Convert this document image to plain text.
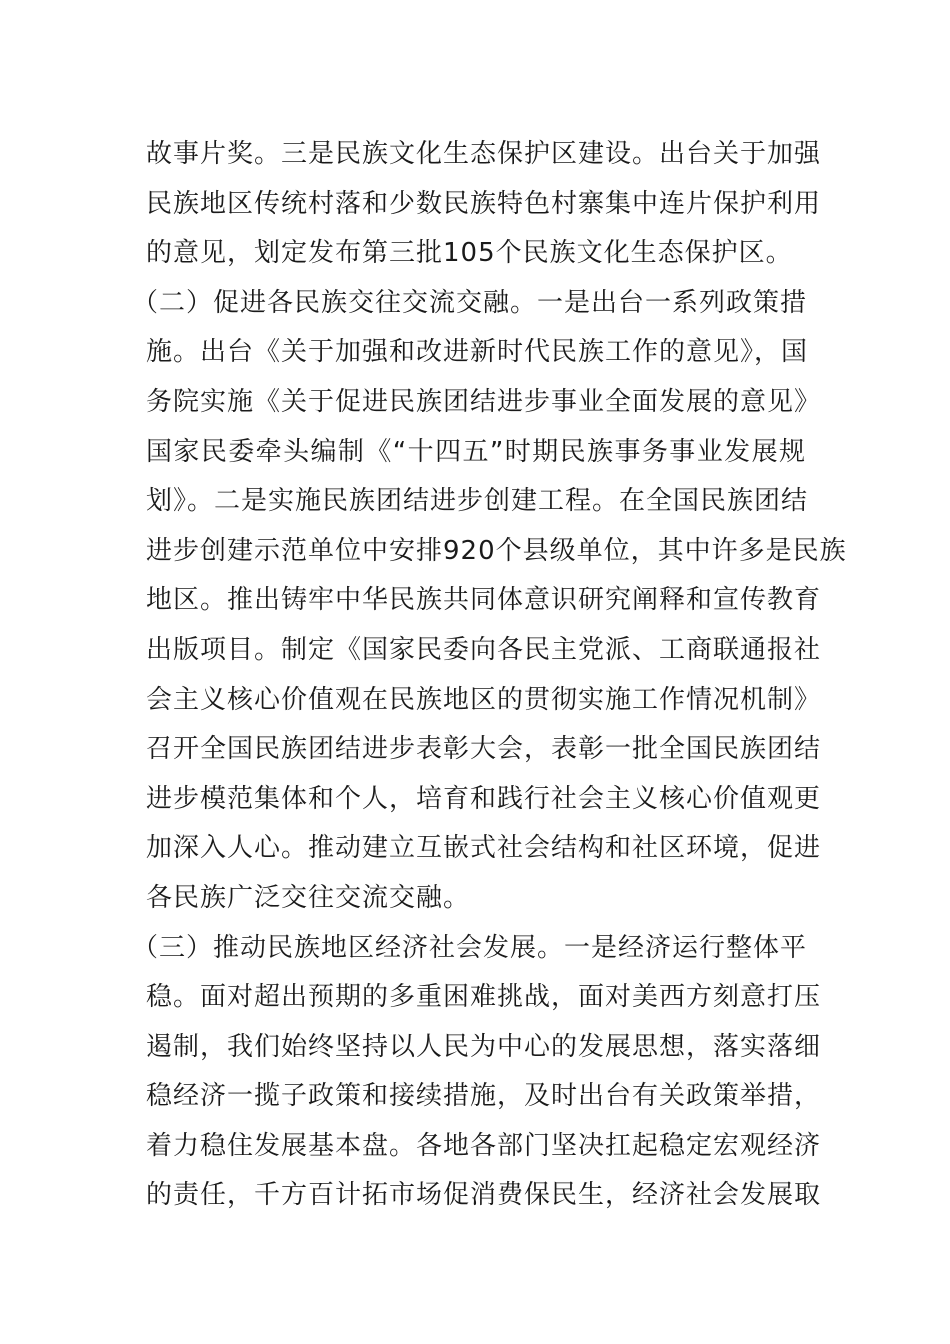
故事片奖。三是民族文化生态保护区建设。出台关于加强
民族地区传统村落和少数民族特色村寨集中连片保护利用
的意见，划定发布第三批105个民族文化生态保护区。
（二）促进各民族交往交流交融。一是出台一系列政策措
施。出台《关于加强和改进新时代民族工作的意见》，国
务院实施《关于促进民族团结进步事业全面发展的意见》
国家民委牵头编制《“十四五”时期民族事务事业发展规
划》。二是实施民族团结进步创建工程。在全国民族团结
进步创建示范单位中安排920个县级单位，其中许多是民族
地区。推出铸牢中华民族共同体意识研究阐释和宣传教育
出版项目。制定《国家民委向各民主党派、工商联通报社
会主义核心价值观在民族地区的贯彻实施工作情况机制》
召开全国民族团结进步表彰大会，表彰一批全国民族团结
进步模范集体和个人，培育和践行社会主义核心价值观更
加深入人心。推动建立互嵌式社会结构和社区环境，促进
各民族广泛交往交流交融。
（三）推动民族地区经济社会发展。一是经济运行整体平
稳。面对超出预期的多重困难挑战，面对美西方刻意打压
遏制，我们始终坚持以人民为中心的发展思想，落实落细
稳经济一揽子政策和接续措施，及时出台有关政策举措，
着力稳住发展基本盘。各地各部门坚决扛起稳定宏观经济
的责任，千方百计拓市场促消费保民生，经济社会发展取
